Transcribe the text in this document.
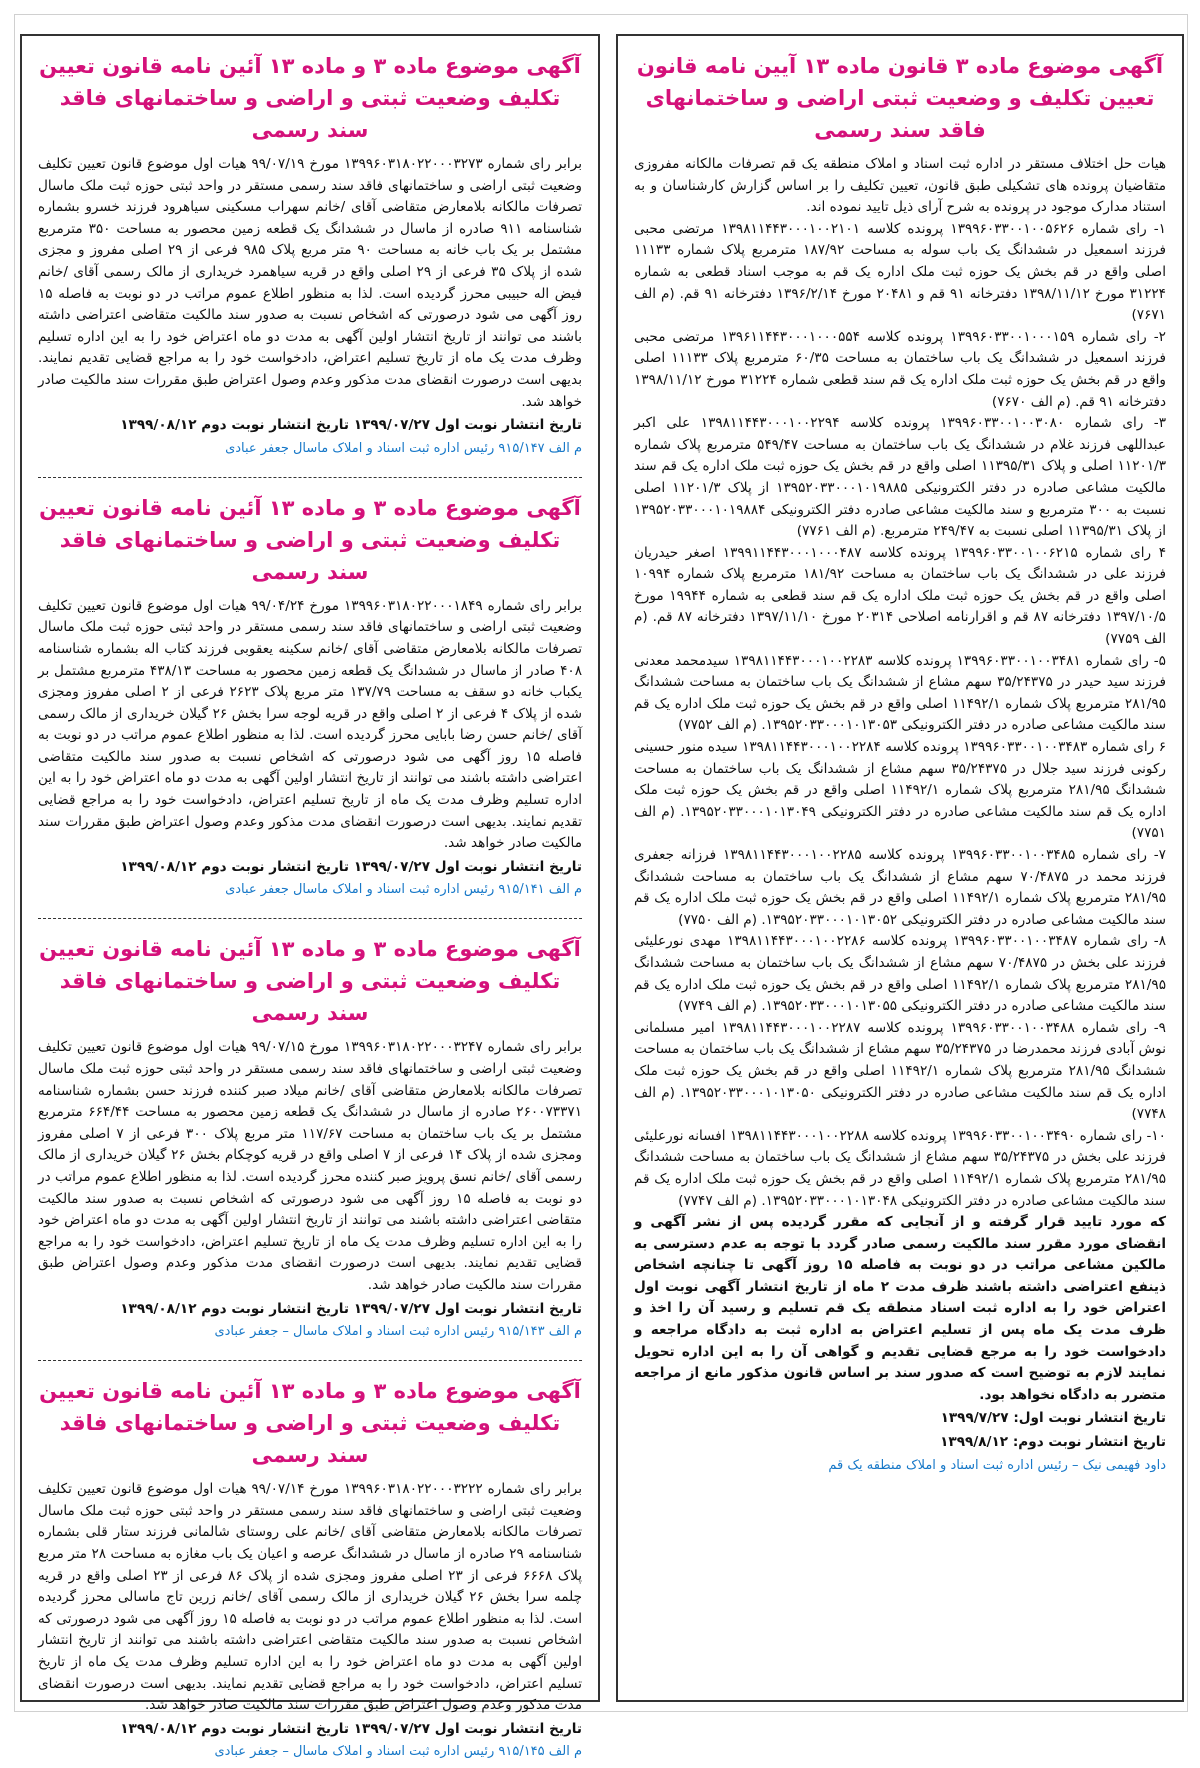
آگهی موضوع ماده ۳ قانون ماده ۱۳ آیین نامه قانون تعیین تکلیف و وضعیت ثبتی اراضی و ساختمانهای فاقد سند رسمی

هیات حل اختلاف مستقر در اداره ثبت اسناد و املاک منطقه یک قم تصرفات مالکانه مفروزی متقاضیان پرونده های تشکیلی طبق قانون، تعیین تکلیف را بر اساس گزارش کارشناسان و به استناد مدارک موجود در پرونده به شرح آرای ذیل تایید نموده اند.

۱- رای شماره ۱۳۹۹۶۰۳۳۰۰۱۰۰۵۶۲۶ پرونده کلاسه ۱۳۹۸۱۱۴۴۳۰۰۰۱۰۰۲۱۰۱ مرتضی محبی فرزند اسمعیل در ششدانگ یک باب سوله به مساحت ۱۸۷/۹۲ مترمربع پلاک شماره ۱۱۱۳۳ اصلی واقع در قم بخش یک حوزه ثبت ملک اداره یک قم به موجب اسناد قطعی به شماره ۳۱۲۲۴ مورخ ۱۳۹۸/۱۱/۱۲ دفترخانه ۹۱ قم و ۲۰۴۸۱ مورخ ۱۳۹۶/۲/۱۴ دفترخانه ۹۱ قم. (م الف ۷۶۷۱)

۲- رای شماره ۱۳۹۹۶۰۳۳۰۰۱۰۰۰۱۵۹ پرونده کلاسه ۱۳۹۶۱۱۴۴۳۰۰۰۱۰۰۰۵۵۴ مرتضی محبی فرزند اسمعیل در ششدانگ یک باب ساختمان به مساحت ۶۰/۳۵ مترمربع پلاک ۱۱۱۳۳ اصلی واقع در قم بخش یک حوزه ثبت ملک اداره یک قم سند قطعی شماره ۳۱۲۲۴ مورخ ۱۳۹۸/۱۱/۱۲ دفترخانه ۹۱ قم. (م الف ۷۶۷۰)

۳- رای شماره ۱۳۹۹۶۰۳۳۰۰۱۰۰۳۰۸۰ پرونده کلاسه ۱۳۹۸۱۱۴۴۳۰۰۰۱۰۰۲۲۹۴ علی اکبر عبداللهی فرزند غلام در ششدانگ یک باب ساختمان به مساحت ۵۴۹/۴۷ مترمربع پلاک شماره ۱۱۲۰۱/۳ اصلی و پلاک ۱۱۳۹۵/۳۱ اصلی واقع در قم بخش یک حوزه ثبت ملک اداره یک قم سند مالکیت مشاعی صادره در دفتر الکترونیکی ۱۳۹۵۲۰۳۳۰۰۰۱۰۱۹۸۸۵ از پلاک ۱۱۲۰۱/۳ اصلی نسبت به ۳۰۰ مترمربع و سند مالکیت مشاعی صادره دفتر الکترونیکی ۱۳۹۵۲۰۳۳۰۰۰۱۰۱۹۸۸۴ از پلاک ۱۱۳۹۵/۳۱ اصلی نسبت به ۲۴۹/۴۷ مترمربع. (م الف ۷۷۶۱)

۴ رای شماره ۱۳۹۹۶۰۳۳۰۰۱۰۰۶۲۱۵ پرونده کلاسه ۱۳۹۹۱۱۴۴۳۰۰۰۱۰۰۰۴۸۷ اصغر حیدریان فرزند علی در ششدانگ یک باب ساختمان به مساحت ۱۸۱/۹۲ مترمربع پلاک شماره ۱۰۹۹۴ اصلی واقع در قم بخش یک حوزه ثبت ملک اداره یک قم سند قطعی به شماره ۱۹۹۴۴ مورخ ۱۳۹۷/۱۰/۵ دفترخانه ۸۷ قم و اقرارنامه اصلاحی ۲۰۳۱۴ مورخ ۱۳۹۷/۱۱/۱۰ دفترخانه ۸۷ قم. (م الف ۷۷۵۹)

۵- رای شماره ۱۳۹۹۶۰۳۳۰۰۱۰۰۳۴۸۱ پرونده کلاسه ۱۳۹۸۱۱۴۴۳۰۰۰۱۰۰۲۲۸۳ سیدمحمد معدنی فرزند سید حیدر در ۳۵/۲۴۳۷۵ سهم مشاع از ششدانگ یک باب ساختمان به مساحت ششدانگ ۲۸۱/۹۵ مترمربع پلاک شماره ۱۱۴۹۲/۱ اصلی واقع در قم بخش یک حوزه ثبت ملک اداره یک قم سند مالکیت مشاعی صادره در دفتر الکترونیکی ۱۳۹۵۲۰۳۳۰۰۰۱۰۱۳۰۵۳. (م الف ۷۷۵۲)

۶ رای شماره ۱۳۹۹۶۰۳۳۰۰۱۰۰۳۴۸۳ پرونده کلاسه ۱۳۹۸۱۱۴۴۳۰۰۰۱۰۰۲۲۸۴ سیده منور حسینی رکونی فرزند سید جلال در ۳۵/۲۴۳۷۵ سهم مشاع از ششدانگ یک باب ساختمان به مساحت ششدانگ ۲۸۱/۹۵ مترمربع پلاک شماره ۱۱۴۹۲/۱ اصلی واقع در قم بخش یک حوزه ثبت ملک اداره یک قم سند مالکیت مشاعی صادره در دفتر الکترونیکی ۱۳۹۵۲۰۳۳۰۰۰۱۰۱۳۰۴۹. (م الف ۷۷۵۱)

۷- رای شماره ۱۳۹۹۶۰۳۳۰۰۱۰۰۳۴۸۵ پرونده کلاسه ۱۳۹۸۱۱۴۴۳۰۰۰۱۰۰۲۲۸۵ فرزانه جعفری فرزند محمد در ۷۰/۴۸۷۵ سهم مشاع از ششدانگ یک باب ساختمان به مساحت ششدانگ ۲۸۱/۹۵ مترمربع پلاک شماره ۱۱۴۹۲/۱ اصلی واقع در قم بخش یک حوزه ثبت ملک اداره یک قم سند مالکیت مشاعی صادره در دفتر الکترونیکی ۱۳۹۵۲۰۳۳۰۰۰۱۰۱۳۰۵۲. (م الف ۷۷۵۰)

۸- رای شماره ۱۳۹۹۶۰۳۳۰۰۱۰۰۳۴۸۷ پرونده کلاسه ۱۳۹۸۱۱۴۴۳۰۰۰۱۰۰۲۲۸۶ مهدی نورعلیئی فرزند علی بخش در ۷۰/۴۸۷۵ سهم مشاع از ششدانگ یک باب ساختمان به مساحت ششدانگ ۲۸۱/۹۵ مترمربع پلاک شماره ۱۱۴۹۲/۱ اصلی واقع در قم بخش یک حوزه ثبت ملک اداره یک قم سند مالکیت مشاعی صادره در دفتر الکترونیکی ۱۳۹۵۲۰۳۳۰۰۰۱۰۱۳۰۵۵. (م الف ۷۷۴۹)

۹- رای شماره ۱۳۹۹۶۰۳۳۰۰۱۰۰۳۴۸۸ پرونده کلاسه ۱۳۹۸۱۱۴۴۳۰۰۰۱۰۰۲۲۸۷ امیر مسلمانی نوش آبادی فرزند محمدرضا در ۳۵/۲۴۳۷۵ سهم مشاع از ششدانگ یک باب ساختمان به مساحت ششدانگ ۲۸۱/۹۵ مترمربع پلاک شماره ۱۱۴۹۲/۱ اصلی واقع در قم بخش یک حوزه ثبت ملک اداره یک قم سند مالکیت مشاعی صادره در دفتر الکترونیکی ۱۳۹۵۲۰۳۳۰۰۰۱۰۱۳۰۵۰. (م الف ۷۷۴۸)

۱۰- رای شماره ۱۳۹۹۶۰۳۳۰۰۱۰۰۳۴۹۰ پرونده کلاسه ۱۳۹۸۱۱۴۴۳۰۰۰۱۰۰۲۲۸۸ افسانه نورعلیئی فرزند علی بخش در ۳۵/۲۴۳۷۵ سهم مشاع از ششدانگ یک باب ساختمان به مساحت ششدانگ ۲۸۱/۹۵ مترمربع پلاک شماره ۱۱۴۹۲/۱ اصلی واقع در قم بخش یک حوزه ثبت ملک اداره یک قم سند مالکیت مشاعی صادره در دفتر الکترونیکی ۱۳۹۵۲۰۳۳۰۰۰۱۰۱۳۰۴۸. (م الف ۷۷۴۷)

که مورد تایید قرار گرفته و از آنجایی که مقرر گردیده پس از نشر آگهی و انقضای مورد مقرر سند مالکیت رسمی صادر گردد با توجه به عدم دسترسی به مالکین مشاعی مراتب در دو نوبت به فاصله ۱۵ روز آگهی تا چنانچه اشخاص ذینفع اعتراضی داشته باشند ظرف مدت ۲ ماه از تاریخ انتشار آگهی نوبت اول اعتراض خود را به اداره ثبت اسناد منطقه یک قم تسلیم و رسید آن را اخذ و ظرف مدت یک ماه پس از تسلیم اعتراض به اداره ثبت به دادگاه مراجعه و دادخواست خود را به مرجع قضایی تقدیم و گواهی آن را به این اداره تحویل نمایند لازم به توضیح است که صدور سند بر اساس قانون مذکور مانع از مراجعه متضرر به دادگاه نخواهد بود.

تاریخ انتشار نوبت اول: ۱۳۹۹/۷/۲۷

تاریخ انتشار نوبت دوم: ۱۳۹۹/۸/۱۲

داود فهیمی نیک – رئیس اداره ثبت اسناد و املاک منطقه یک قم

آگهی موضوع ماده ۳ و ماده ۱۳ آئین نامه قانون تعیین تکلیف وضعیت ثبتی و اراضی و ساختمانهای فاقد سند رسمی

برابر رای شماره ۱۳۹۹۶۰۳۱۸۰۲۲۰۰۰۳۲۷۳ مورخ ۹۹/۰۷/۱۹ هیات اول موضوع قانون تعیین تکلیف وضعیت ثبتی اراضی و ساختمانهای فاقد سند رسمی مستقر در واحد ثبتی حوزه ثبت ملک ماسال تصرفات مالکانه بلامعارض متقاضی آقای /خانم سهراب مسکینی سیاهرود فرزند خسرو بشماره شناسنامه ۹۱۱ صادره از ماسال در ششدانگ یک قطعه زمین محصور به مساحت ۳۵۰ مترمربع مشتمل بر یک باب خانه به مساحت ۹۰ متر مربع پلاک ۹۸۵ فرعی از ۲۹ اصلی مفروز و مجزی شده از پلاک ۳۵ فرعی از ۲۹ اصلی واقع در قریه سیاهمرد خریداری از مالک رسمی آقای /خانم فیض اله حبیبی محرز گردیده است. لذا به منظور اطلاع عموم مراتب در دو نوبت به فاصله ۱۵ روز آگهی می شود درصورتی که اشخاص نسبت به صدور سند مالکیت متقاضی اعتراضی داشته باشند می توانند از تاریخ انتشار اولین آگهی به مدت دو ماه اعتراض خود را به این اداره تسلیم وظرف مدت یک ماه از تاریخ تسلیم اعتراض، دادخواست خود را به مراجع قضایی تقدیم نمایند. بدیهی است درصورت انقضای مدت مذکور وعدم وصول اعتراض طبق مقررات سند مالکیت صادر خواهد شد.

تاریخ انتشار نوبت اول ۱۳۹۹/۰۷/۲۷ تاریخ انتشار نوبت دوم ۱۳۹۹/۰۸/۱۲

م الف ۹۱۵/۱۴۷ رئیس اداره ثبت اسناد و املاک ماسال جعفر عبادی

آگهی موضوع ماده ۳ و ماده ۱۳ آئین نامه قانون تعیین تکلیف وضعیت ثبتی و اراضی و ساختمانهای فاقد سند رسمی

برابر رای شماره ۱۳۹۹۶۰۳۱۸۰۲۲۰۰۰۱۸۴۹ مورخ ۹۹/۰۴/۲۴ هیات اول موضوع قانون تعیین تکلیف وضعیت ثبتی اراضی و ساختمانهای فاقد سند رسمی مستقر در واحد ثبتی حوزه ثبت ملک ماسال تصرفات مالکانه بلامعارض متقاضی آقای /خانم سکینه یعقوبی فرزند کتاب اله بشماره شناسنامه ۴۰۸ صادر از ماسال در ششدانگ یک قطعه زمین محصور به مساحت ۴۳۸/۱۳ مترمربع مشتمل بر یکباب خانه دو سقف به مساحت ۱۳۷/۷۹ متر مربع پلاک ۲۶۲۳ فرعی از ۲ اصلی مفروز ومجزی شده از پلاک ۴ فرعی از ۲ اصلی واقع در قریه لوجه سرا بخش ۲۶ گیلان خریداری از مالک رسمی آقای /خانم حسن رضا بابایی محرز گردیده است. لذا به منظور اطلاع عموم مراتب در دو نوبت به فاصله ۱۵ روز آگهی می شود درصورتی که اشخاص نسبت به صدور سند مالکیت متقاضی اعتراضی داشته باشند می توانند از تاریخ انتشار اولین آگهی به مدت دو ماه اعتراض خود را به این اداره تسلیم وظرف مدت یک ماه از تاریخ تسلیم اعتراض، دادخواست خود را به مراجع قضایی تقدیم نمایند. بدیهی است درصورت انقضای مدت مذکور وعدم وصول اعتراض طبق مقررات سند مالکیت صادر خواهد شد.

تاریخ انتشار نوبت اول ۱۳۹۹/۰۷/۲۷ تاریخ انتشار نوبت دوم ۱۳۹۹/۰۸/۱۲

م الف ۹۱۵/۱۴۱ رئیس اداره ثبت اسناد و املاک ماسال جعفر عبادی

آگهی موضوع ماده ۳ و ماده ۱۳ آئین نامه قانون تعیین تکلیف وضعیت ثبتی و اراضی و ساختمانهای فاقد سند رسمی

برابر رای شماره ۱۳۹۹۶۰۳۱۸۰۲۲۰۰۰۳۲۴۷ مورخ ۹۹/۰۷/۱۵ هیات اول موضوع قانون تعیین تکلیف وضعیت ثبتی اراضی و ساختمانهای فاقد سند رسمی مستقر در واحد ثبتی حوزه ثبت ملک ماسال تصرفات مالکانه بلامعارض متقاضی آقای /خانم میلاد صبر کننده فرزند حسن بشماره شناسنامه ۲۶۰۰۷۳۳۷۱ صادره از ماسال در ششدانگ یک قطعه زمین محصور به مساحت ۶۶۴/۴۴ مترمربع مشتمل بر یک باب ساختمان به مساحت ۱۱۷/۶۷ متر مربع پلاک ۳۰۰ فرعی از ۷ اصلی مفروز ومجزی شده از پلاک ۱۴ فرعی از ۷ اصلی واقع در قریه کوچکام بخش ۲۶ گیلان خریداری از مالک رسمی آقای /خانم نسق پرویز صبر کننده محرز گردیده است. لذا به منظور اطلاع عموم مراتب در دو نوبت به فاصله ۱۵ روز آگهی می شود درصورتی که اشخاص نسبت به صدور سند مالکیت متقاضی اعتراضی داشته باشند می توانند از تاریخ انتشار اولین آگهی به مدت دو ماه اعتراض خود را به این اداره تسلیم وظرف مدت یک ماه از تاریخ تسلیم اعتراض، دادخواست خود را به مراجع قضایی تقدیم نمایند. بدیهی است درصورت انقضای مدت مذکور وعدم وصول اعتراض طبق مقررات سند مالکیت صادر خواهد شد.

تاریخ انتشار نوبت اول ۱۳۹۹/۰۷/۲۷ تاریخ انتشار نوبت دوم ۱۳۹۹/۰۸/۱۲

م الف ۹۱۵/۱۴۳ رئیس اداره ثبت اسناد و املاک ماسال – جعفر عبادی

آگهی موضوع ماده ۳ و ماده ۱۳ آئین نامه قانون تعیین تکلیف وضعیت ثبتی و اراضی و ساختمانهای فاقد سند رسمی

برابر رای شماره ۱۳۹۹۶۰۳۱۸۰۲۲۰۰۰۳۲۲۲ مورخ ۹۹/۰۷/۱۴ هیات اول موضوع قانون تعیین تکلیف وضعیت ثبتی اراضی و ساختمانهای فاقد سند رسمی مستقر در واحد ثبتی حوزه ثبت ملک ماسال تصرفات مالکانه بلامعارض متقاضی آقای /خانم علی روستای شالمانی فرزند ستار قلی بشماره شناسنامه ۲۹ صادره از ماسال در ششدانگ عرصه و اعیان یک باب مغازه به مساحت ۲۸ متر مربع پلاک ۶۶۶۸ فرعی از ۲۳ اصلی مفروز ومجزی شده از پلاک ۸۶ فرعی از ۲۳ اصلی واقع در قریه چلمه سرا بخش ۲۶ گیلان خریداری از مالک رسمی آقای /خانم زرین تاج ماسالی محرز گردیده است. لذا به منظور اطلاع عموم مراتب در دو نوبت به فاصله ۱۵ روز آگهی می شود درصورتی که اشخاص نسبت به صدور سند مالکیت متقاضی اعتراضی داشته باشند می توانند از تاریخ انتشار اولین آگهی به مدت دو ماه اعتراض خود را به این اداره تسلیم وظرف مدت یک ماه از تاریخ تسلیم اعتراض، دادخواست خود را به مراجع قضایی تقدیم نمایند. بدیهی است درصورت انقضای مدت مذکور وعدم وصول اعتراض طبق مقررات سند مالکیت صادر خواهد شد.

تاریخ انتشار نوبت اول ۱۳۹۹/۰۷/۲۷ تاریخ انتشار نوبت دوم ۱۳۹۹/۰۸/۱۲

م الف ۹۱۵/۱۴۵ رئیس اداره ثبت اسناد و املاک ماسال – جعفر عبادی
